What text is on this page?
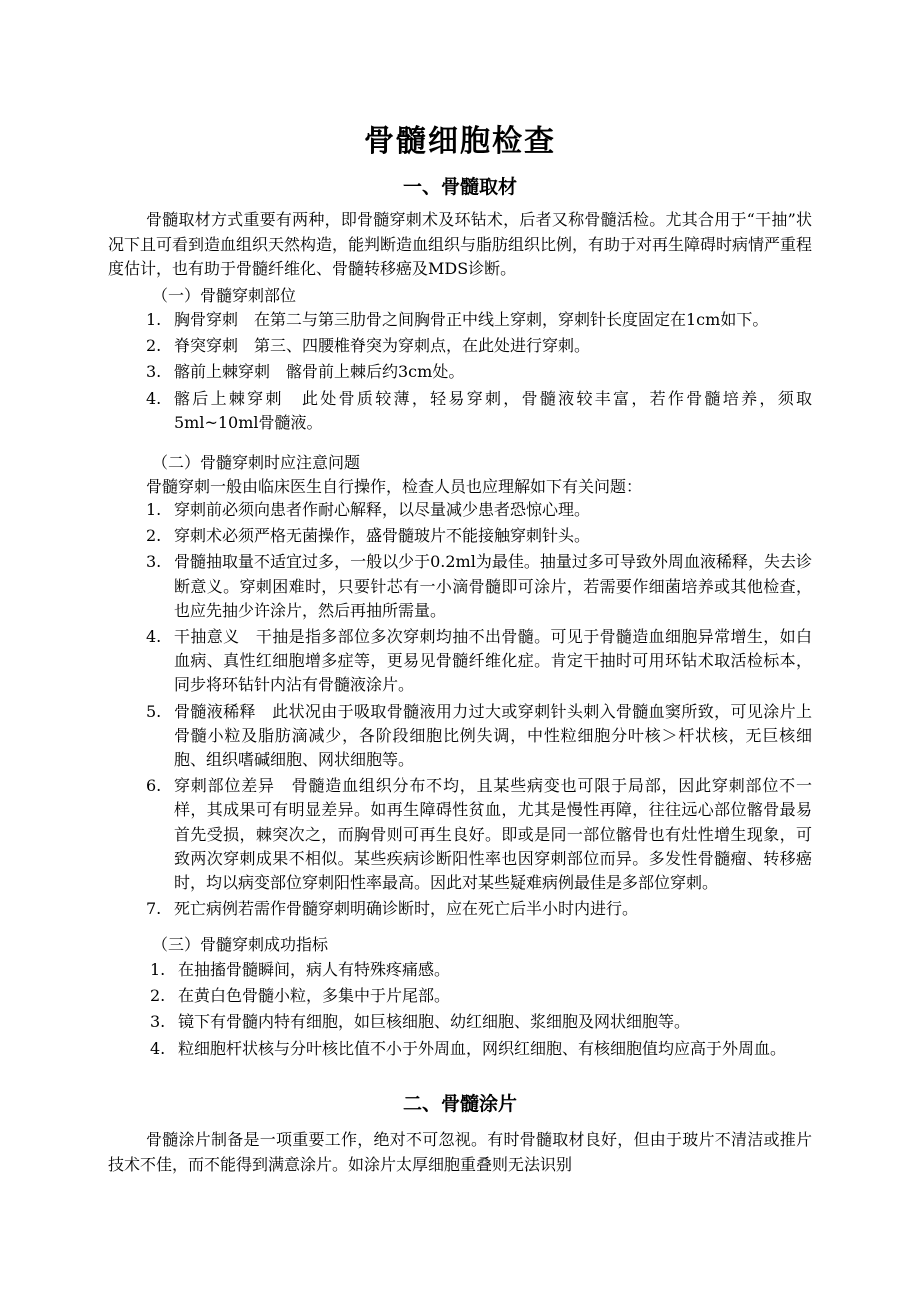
骨髓细胞检查
一、骨髓取材

骨髓取材方式重要有两种，即骨髓穿刺术及环钻术，后者又称骨髓活检。尤其合用于“干抽”状况下且可看到造血组织天然构造，能判断造血组织与脂肪组织比例，有助于对再生障碍时病情严重程度估计，也有助于骨髓纤维化、骨髓转移癌及MDS诊断。

（一）骨髓穿刺部位
1. 胸骨穿刺　在第二与第三肋骨之间胸骨正中线上穿刺，穿刺针长度固定在1cm如下。
2. 脊突穿刺　第三、四腰椎脊突为穿刺点，在此处进行穿刺。
3. 髂前上棘穿刺　髂骨前上棘后约3cm处。
4. 髂后上棘穿刺　此处骨质较薄，轻易穿刺，骨髓液较丰富，若作骨髓培养，须取5ml~10ml骨髓液。
（二）骨髓穿刺时应注意问题
骨髓穿刺一般由临床医生自行操作，检查人员也应理解如下有关问题：
1. 穿刺前必须向患者作耐心解释，以尽量减少患者恐惊心理。
2. 穿刺术必须严格无菌操作，盛骨髓玻片不能接触穿刺针头。
3. 骨髓抽取量不适宜过多，一般以少于0.2ml为最佳。抽量过多可导致外周血液稀释，失去诊断意义。穿刺困难时，只要针芯有一小滴骨髓即可涂片，若需要作细菌培养或其他检查，也应先抽少许涂片，然后再抽所需量。
4. 干抽意义　干抽是指多部位多次穿刺均抽不出骨髓。可见于骨髓造血细胞异常增生，如白血病、真性红细胞增多症等，更易见骨髓纤维化症。肯定干抽时可用环钻术取活检标本，同步将环钻针内沾有骨髓液涂片。
5. 骨髓液稀释　此状况由于吸取骨髓液用力过大或穿刺针头刺入骨髓血窦所致，可见涂片上骨髓小粒及脂肪滴减少，各阶段细胞比例失调，中性粒细胞分叶核＞杆状核，无巨核细胞、组织嗜碱细胞、网状细胞等。
6. 穿刺部位差异　骨髓造血组织分布不均，且某些病变也可限于局部，因此穿刺部位不一样，其成果可有明显差异。如再生障碍性贫血，尤其是慢性再障，往往远心部位髂骨最易首先受损，棘突次之，而胸骨则可再生良好。即或是同一部位髂骨也有灶性增生现象，可致两次穿刺成果不相似。某些疾病诊断阳性率也因穿刺部位而异。多发性骨髓瘤、转移癌时，均以病变部位穿刺阳性率最高。因此对某些疑难病例最佳是多部位穿刺。
7. 死亡病例若需作骨髓穿刺明确诊断时，应在死亡后半小时内进行。
（三）骨髓穿刺成功指标
1. 在抽搐骨髓瞬间，病人有特殊疼痛感。
2. 在黄白色骨髓小粒，多集中于片尾部。
3. 镜下有骨髓内特有细胞，如巨核细胞、幼红细胞、浆细胞及网状细胞等。
4. 粒细胞杆状核与分叶核比值不小于外周血，网织红细胞、有核细胞值均应高于外周血。
二、骨髓涂片

骨髓涂片制备是一项重要工作，绝对不可忽视。有时骨髓取材良好，但由于玻片不清洁或推片技术不佳，而不能得到满意涂片。如涂片太厚细胞重叠则无法识别
